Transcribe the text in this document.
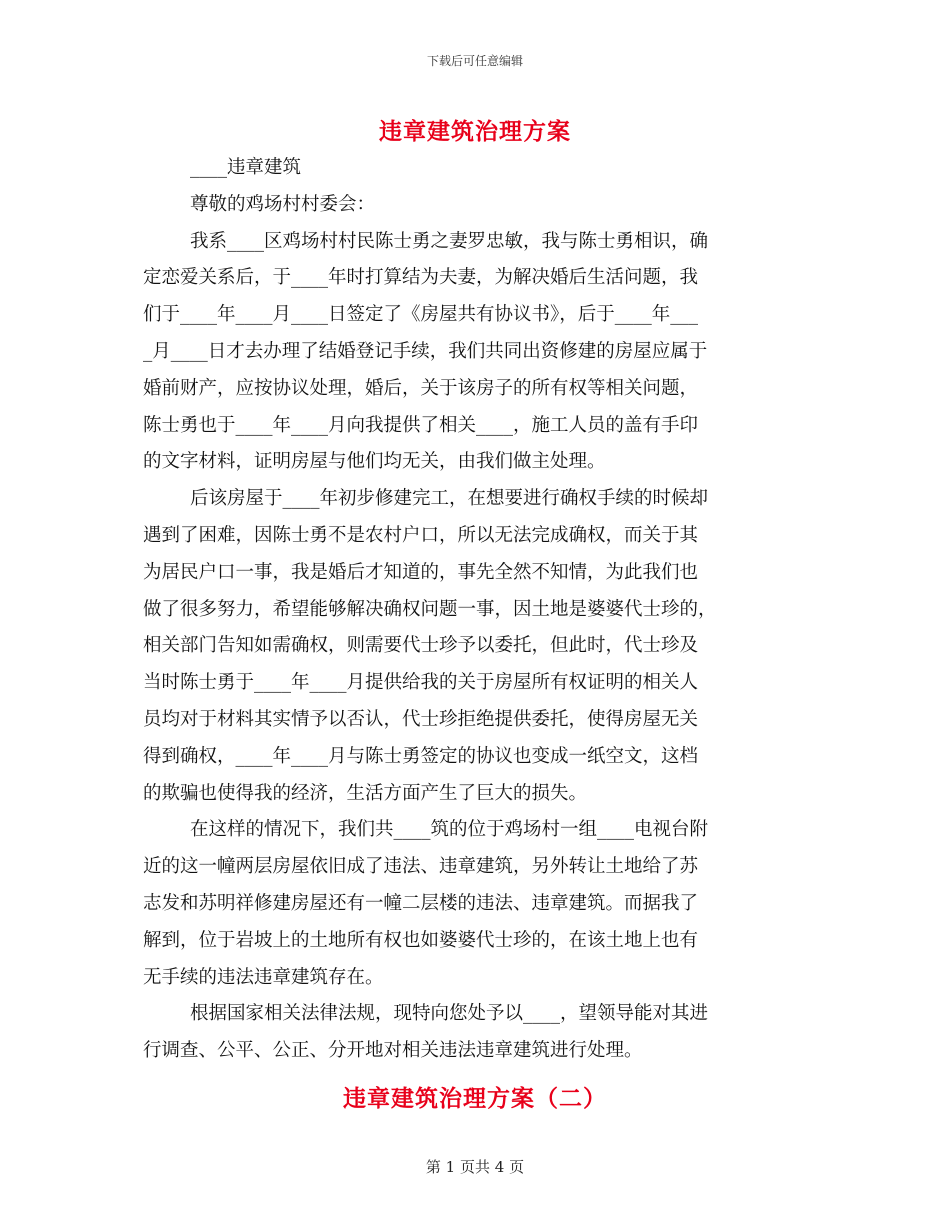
下载后可任意编辑
违章建筑治理方案
____违章建筑
尊敬的鸡场村村委会：
我系____区鸡场村村民陈士勇之妻罗忠敏，我与陈士勇相识，确
定恋爱关系后，于____年时打算结为夫妻，为解决婚后生活问题，我
们于____年____月____日签定了《房屋共有协议书》，后于____年___
_月____日才去办理了结婚登记手续，我们共同出资修建的房屋应属于
婚前财产，应按协议处理，婚后，关于该房子的所有权等相关问题，
陈士勇也于____年____月向我提供了相关____，施工人员的盖有手印
的文字材料，证明房屋与他们均无关，由我们做主处理。
后该房屋于____年初步修建完工，在想要进行确权手续的时候却
遇到了困难，因陈士勇不是农村户口，所以无法完成确权，而关于其
为居民户口一事，我是婚后才知道的，事先全然不知情，为此我们也
做了很多努力，希望能够解决确权问题一事，因土地是婆婆代士珍的，
相关部门告知如需确权，则需要代士珍予以委托，但此时，代士珍及
当时陈士勇于____年____月提供给我的关于房屋所有权证明的相关人
员均对于材料其实情予以否认，代士珍拒绝提供委托，使得房屋无关
得到确权，____年____月与陈士勇签定的协议也变成一纸空文，这档
的欺骗也使得我的经济，生活方面产生了巨大的损失。
在这样的情况下，我们共____筑的位于鸡场村一组____电视台附
近的这一幢两层房屋依旧成了违法、违章建筑，另外转让土地给了苏
志发和苏明祥修建房屋还有一幢二层楼的违法、违章建筑。而据我了
解到，位于岩坡上的土地所有权也如婆婆代士珍的，在该土地上也有
无手续的违法违章建筑存在。
根据国家相关法律法规，现特向您处予以____，望领导能对其进
行调查、公平、公正、分开地对相关违法违章建筑进行处理。
违章建筑治理方案（二）
第 1 页共 4 页
